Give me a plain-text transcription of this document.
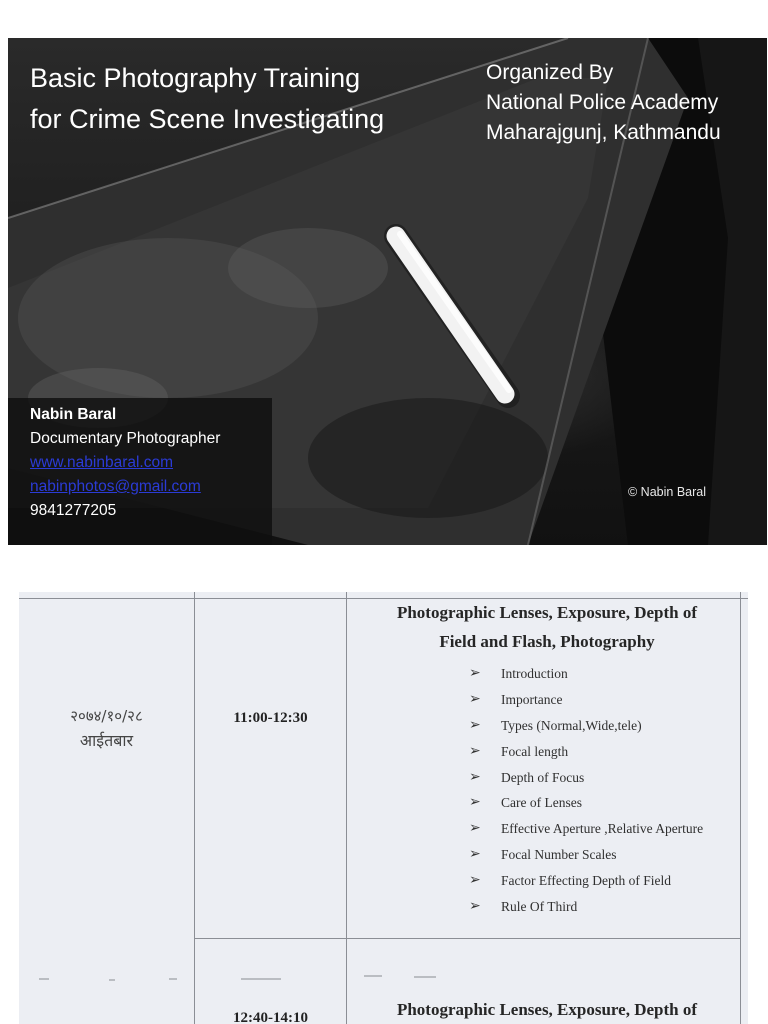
Basic Photography Training
for Crime Scene Investigating
Organized By
National Police Academy
Maharajgunj, Kathmandu
Nabin Baral
Documentary Photographer
www.nabinbaral.com
nabinphotos@gmail.com
9841277205
© Nabin Baral
२०७४/१०/२८
आईतबार
11:00-12:30
Photographic Lenses, Exposure, Depth of
Field and Flash, Photography
➢ Introduction
➢ Importance
➢ Types (Normal,Wide,tele)
➢ Focal length
➢ Depth of Focus
➢ Care of Lenses
➢ Effective Aperture ,Relative Aperture
➢ Focal Number Scales
➢ Factor Effecting Depth of Field
➢ Rule Of Third
12:40-14:10	Photographic Lenses, Exposure, Depth of
